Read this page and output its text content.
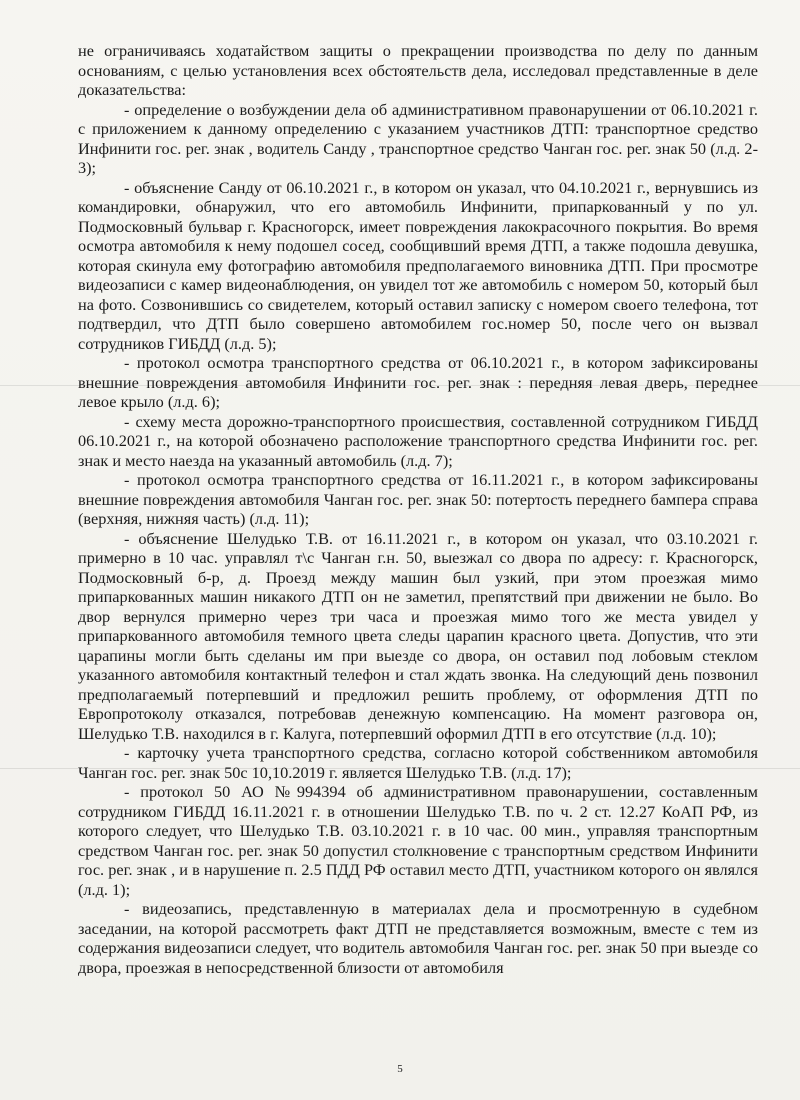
не ограничиваясь ходатайством защиты о прекращении производства по делу по данным основаниям, с целью установления всех обстоятельств дела, исследовал представленные в деле доказательства:

- определение о возбуждении дела об административном правонарушении от 06.10.2021 г. с приложением к данному определению с указанием участников ДТП: транспортное средство Инфинити гос. рег. знак , водитель Санду , транспортное средство Чанган гос. рег. знак 50 (л.д. 2-3);

- объяснение Санду от 06.10.2021 г., в котором он указал, что 04.10.2021 г., вернувшись из командировки, обнаружил, что его автомобиль Инфинити, припаркованный у по ул. Подмосковный бульвар г. Красногорск, имеет повреждения лакокрасочного покрытия. Во время осмотра автомобиля к нему подошел сосед, сообщивший время ДТП, а также подошла девушка, которая скинула ему фотографию автомобиля предполагаемого виновника ДТП. При просмотре видеозаписи с камер видеонаблюдения, он увидел тот же автомобиль с номером 50, который был на фото. Созвонившись со свидетелем, который оставил записку с номером своего телефона, тот подтвердил, что ДТП было совершено автомобилем гос.номер 50, после чего он вызвал сотрудников ГИБДД (л.д. 5);

- протокол осмотра транспортного средства от 06.10.2021 г., в котором зафиксированы внешние повреждения автомобиля Инфинити гос. рег. знак : передняя левая дверь, переднее левое крыло (л.д. 6);

- схему места дорожно-транспортного происшествия, составленной сотрудником ГИБДД 06.10.2021 г., на которой обозначено расположение транспортного средства Инфинити гос. рег. знак и место наезда на указанный автомобиль (л.д. 7);

- протокол осмотра транспортного средства от 16.11.2021 г., в котором зафиксированы внешние повреждения автомобиля Чанган гос. рег. знак 50: потертость переднего бампера справа (верхняя, нижняя часть) (л.д. 11);

- объяснение Шелудько Т.В. от 16.11.2021 г., в котором он указал, что 03.10.2021 г. примерно в 10 час. управлял т\с Чанган г.н. 50, выезжал со двора по адресу: г. Красногорск, Подмосковный б-р, д. Проезд между машин был узкий, при этом проезжая мимо припаркованных машин никакого ДТП он не заметил, препятствий при движении не было. Во двор вернулся примерно через три часа и проезжая мимо того же места увидел у припаркованного автомобиля темного цвета следы царапин красного цвета. Допустив, что эти царапины могли быть сделаны им при выезде со двора, он оставил под лобовым стеклом указанного автомобиля контактный телефон и стал ждать звонка. На следующий день позвонил предполагаемый потерпевший и предложил решить проблему, от оформления ДТП по Европротоколу отказался, потребовав денежную компенсацию. На момент разговора он, Шелудько Т.В. находился в г. Калуга, потерпевший оформил ДТП в его отсутствие (л.д. 10);

- карточку учета транспортного средства, согласно которой собственником автомобиля Чанган гос. рег. знак 50с 10,10.2019 г. является Шелудько Т.В. (л.д. 17);

- протокол 50 АО №994394 об административном правонарушении, составленным сотрудником ГИБДД 16.11.2021 г. в отношении Шелудько Т.В. по ч. 2 ст. 12.27 КоАП РФ, из которого следует, что Шелудько Т.В. 03.10.2021 г. в 10 час. 00 мин., управляя транспортным средством Чанган гос. рег. знак 50 допустил столкновение с транспортным средством Инфинити гос. рег. знак , и в нарушение п. 2.5 ПДД РФ оставил место ДТП, участником которого он являлся (л.д. 1);

- видеозапись, представленную в материалах дела и просмотренную в судебном заседании, на которой рассмотреть факт ДТП не представляется возможным, вместе с тем из содержания видеозаписи следует, что водитель автомобиля Чанган гос. рег. знак 50 при выезде со двора, проезжая в непосредственной близости от автомобиля

5
